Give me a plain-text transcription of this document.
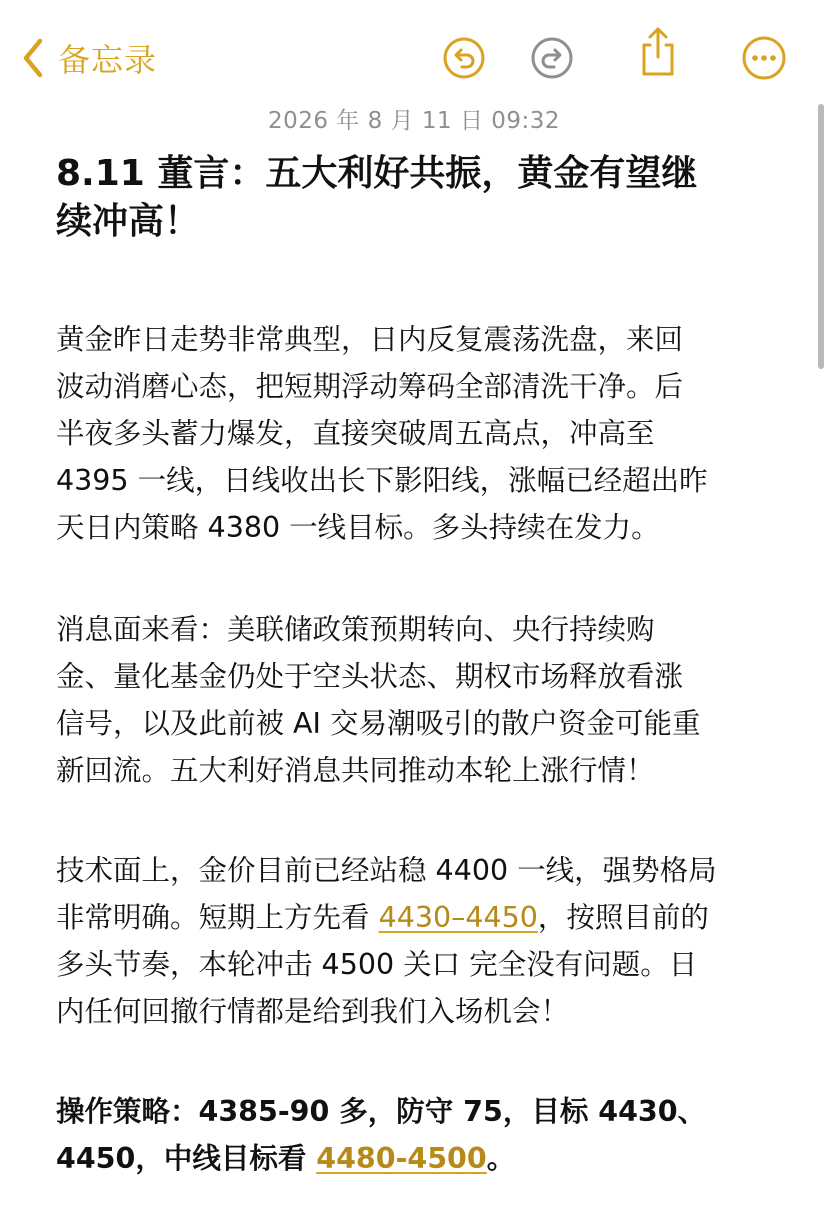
备忘录
2026 年 8 月 11 日 09:32
8.11 董言：五大利好共振，黄金有望继
续冲高！

黄金昨日走势非常典型，日内反复震荡洗盘，来回
波动消磨心态，把短期浮动筹码全部清洗干净。后
半夜多头蓄力爆发，直接突破周五高点，冲高至
4395 一线，日线收出长下影阳线，涨幅已经超出昨
天日内策略 4380 一线目标。多头持续在发力。

消息面来看：美联储政策预期转向、央行持续购
金、量化基金仍处于空头状态、期权市场释放看涨
信号，以及此前被 AI 交易潮吸引的散户资金可能重
新回流。五大利好消息共同推动本轮上涨行情！

技术面上，金价目前已经站稳 4400 一线，强势格局
非常明确。短期上方先看 4430–4450，按照目前的
多头节奏，本轮冲击 4500 关口 完全没有问题。日
内任何回撤行情都是给到我们入场机会！

操作策略：4385-90 多，防守 75，目标 4430、
4450，中线目标看 4480-4500。
